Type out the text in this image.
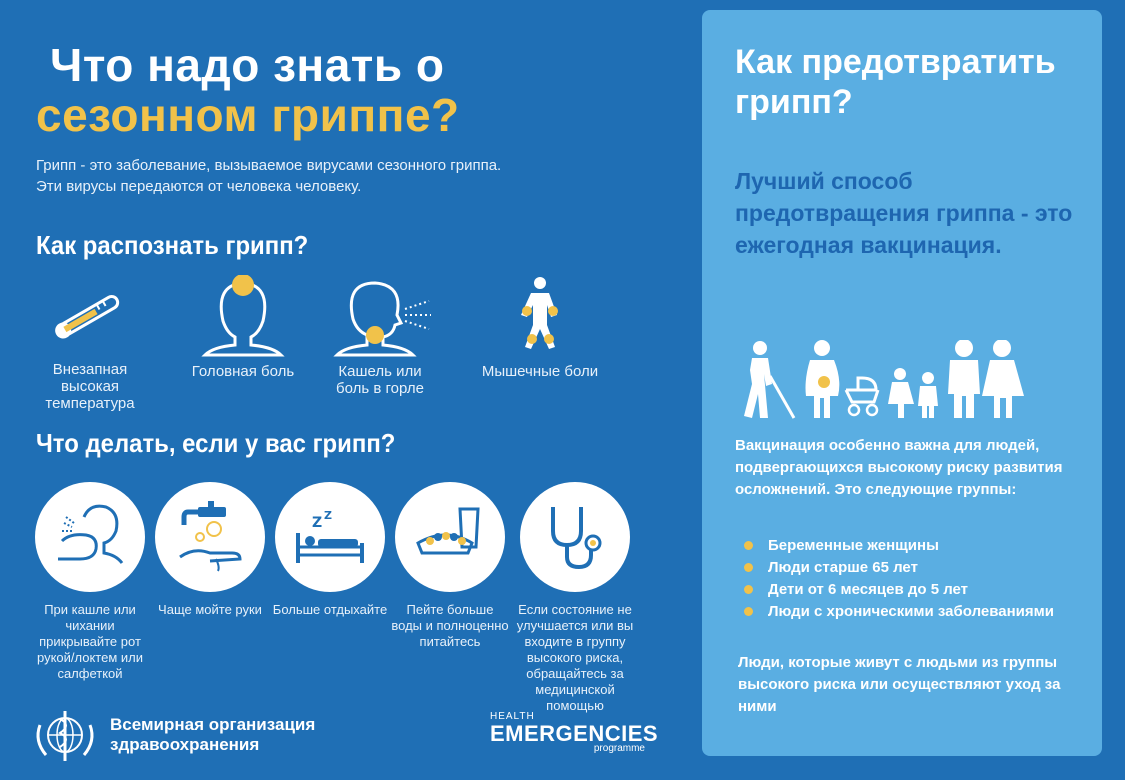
Что надо знать о
сезонном гриппе?
Грипп - это заболевание, вызываемое вирусами сезонного гриппа.
Эти вирусы передаются от человека человеку.
Как распознать грипп?
Внезапная высокая температура
Головная боль	Кашель или боль в горле
Мышечные боли
Что делать, если у вас грипп?
При кашле или чихании прикрывайте рот рукой/локтем или салфеткой
Чаще мойте руки
Z Z
Больше отдыхайте	Пейте больше воды и полноценно питайтесь
Если состояние не улучшается или вы входите в группу высокого риска, обращайтесь за медицинской помощью
Всемирная организация
здравоохранения
HEALTH
EMERGENCIES
programme
Как предотвратить грипп?
Лучший способ предотвращения гриппа - это ежегодная вакцинация.
Вакцинация особенно важна для людей, подвергающихся высокому риску развития осложнений. Это следующие группы:
Беременные женщины
Люди старше 65 лет
Дети от 6 месяцев до 5 лет
Люди с хроническими заболеваниями
Люди, которые живут с людьми из группы высокого риска или осуществляют уход за ними
